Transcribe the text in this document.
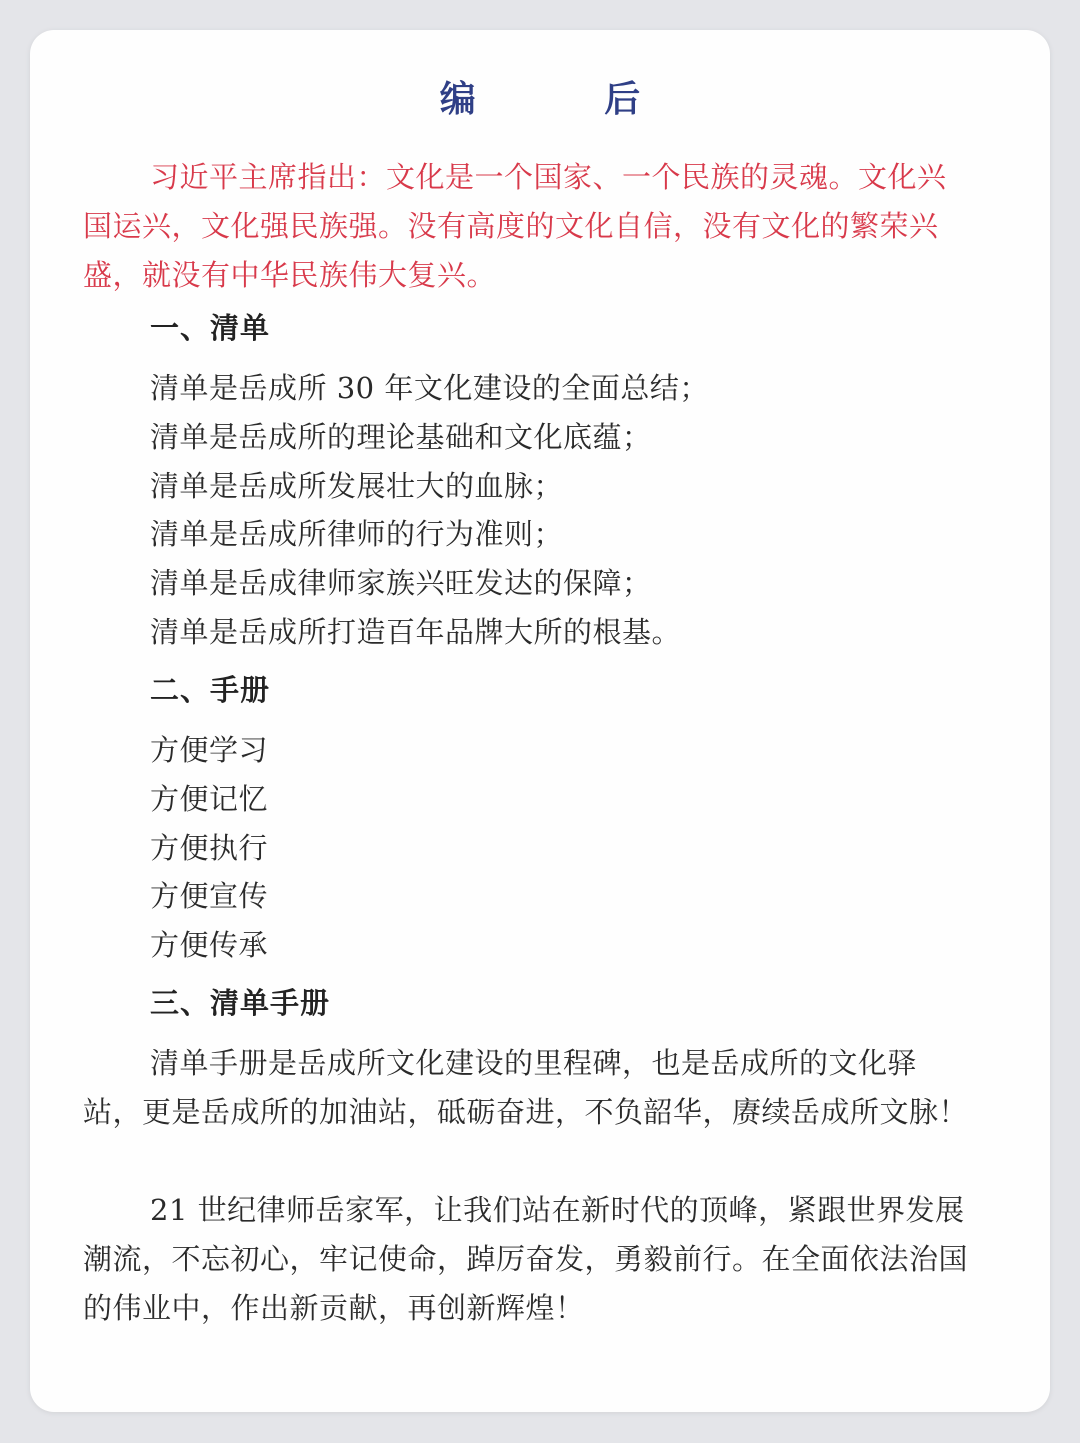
编 后
习近平主席指出：文化是一个国家、一个民族的灵魂。文化兴国运兴，文化强民族强。没有高度的文化自信，没有文化的繁荣兴盛，就没有中华民族伟大复兴。
一、清单
清单是岳成所 30 年文化建设的全面总结；
清单是岳成所的理论基础和文化底蕴；
清单是岳成所发展壮大的血脉；
清单是岳成所律师的行为准则；
清单是岳成律师家族兴旺发达的保障；
清单是岳成所打造百年品牌大所的根基。
二、手册
方便学习
方便记忆
方便执行
方便宣传
方便传承
三、清单手册
清单手册是岳成所文化建设的里程碑，也是岳成所的文化驿站，更是岳成所的加油站，砥砺奋进，不负韶华，赓续岳成所文脉！
21 世纪律师岳家军，让我们站在新时代的顶峰，紧跟世界发展潮流，不忘初心，牢记使命，踔厉奋发，勇毅前行。在全面依法治国的伟业中，作出新贡献，再创新辉煌！
